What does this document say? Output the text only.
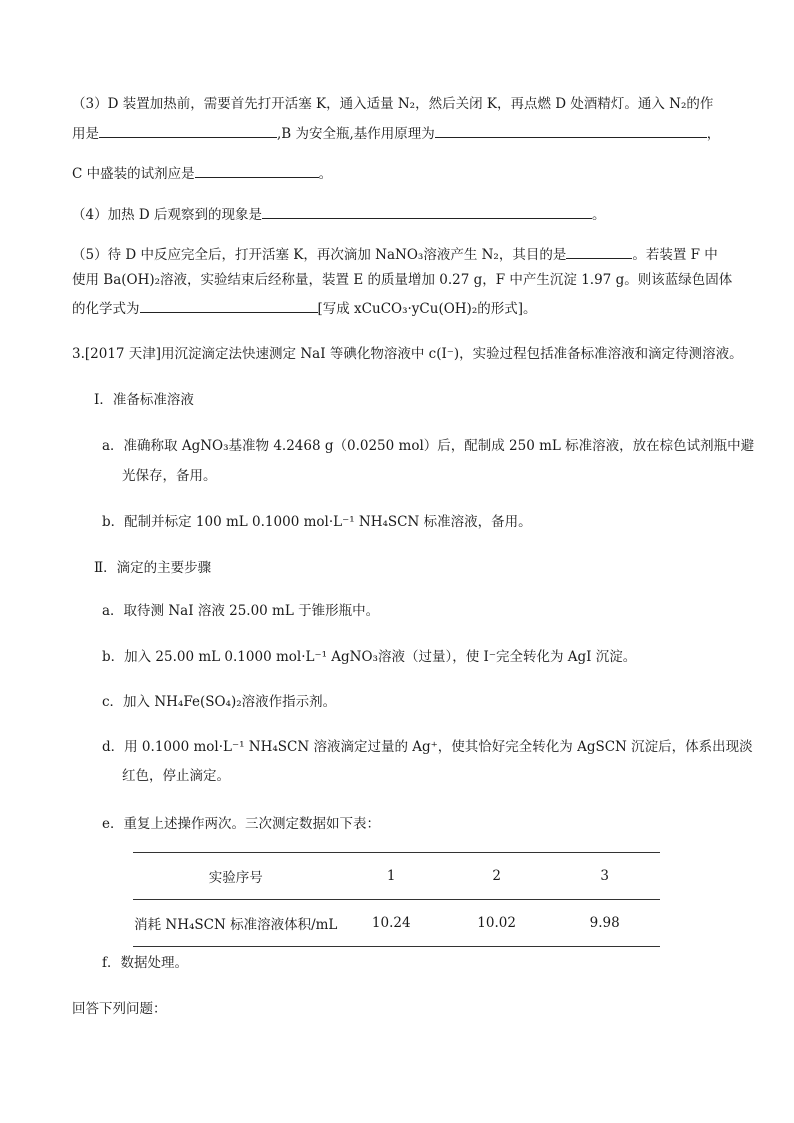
（3）D 装置加热前，需要首先打开活塞 K，通入适量 N₂，然后关闭 K，再点燃 D 处酒精灯。通入 N₂的作
用是	,B 为安全瓶,基作用原理为	，
C 中盛装的试剂应是	。
（4）加热 D 后观察到的现象是	。
（5）待 D 中反应完全后，打开活塞 K，再次滴加 NaNO₃溶液产生 N₂，其目的是	。若装置 F 中
使用 Ba(OH)₂溶液，实验结束后经称量，装置 E 的质量增加 0.27 g，F 中产生沉淀 1.97 g。则该蓝绿色固体
的化学式为	[写成 xCuCO₃·yCu(OH)₂的形式]。
3.[2017 天津]用沉淀滴定法快速测定 NaI 等碘化物溶液中 c(I⁻)，实验过程包括准备标准溶液和滴定待测溶液。
Ⅰ．准备标准溶液
a．准确称取 AgNO₃基准物 4.2468 g（0.0250 mol）后，配制成 250 mL 标准溶液，放在棕色试剂瓶中避
光保存，备用。
b．配制并标定 100 mL 0.1000 mol·L⁻¹ NH₄SCN 标准溶液，备用。
Ⅱ．滴定的主要步骤
a．取待测 NaI 溶液 25.00 mL 于锥形瓶中。
b．加入 25.00 mL 0.1000 mol·L⁻¹ AgNO₃溶液（过量），使 I⁻完全转化为 AgI 沉淀。
c．加入 NH₄Fe(SO₄)₂溶液作指示剂。
d．用 0.1000 mol·L⁻¹ NH₄SCN 溶液滴定过量的 Ag⁺，使其恰好完全转化为 AgSCN 沉淀后，体系出现淡
红色，停止滴定。
e．重复上述操作两次。三次测定数据如下表：
实验序号	1	2	3
消耗 NH₄SCN 标准溶液体积/mL	10.24	10.02	9.98
f．数据处理。
回答下列问题：
